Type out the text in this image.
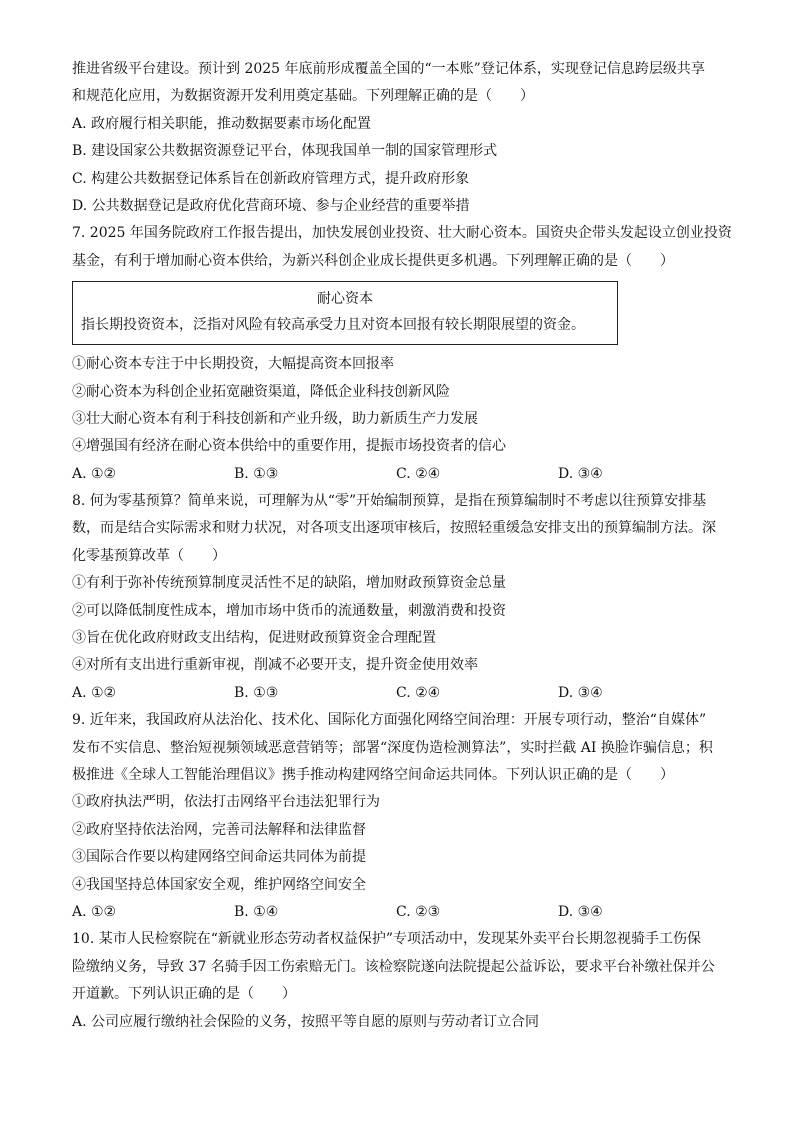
推进省级平台建设。预计到 2025 年底前形成覆盖全国的“一本账”登记体系，实现登记信息跨层级共享
和规范化应用，为数据资源开发利用奠定基础。下列理解正确的是（　　）
A. 政府履行相关职能，推动数据要素市场化配置
B. 建设国家公共数据资源登记平台，体现我国单一制的国家管理形式
C. 构建公共数据登记体系旨在创新政府管理方式，提升政府形象
D. 公共数据登记是政府优化营商环境、参与企业经营的重要举措
7. 2025 年国务院政府工作报告提出，加快发展创业投资、壮大耐心资本。国资央企带头发起设立创业投资
基金，有利于增加耐心资本供给，为新兴科创企业成长提供更多机遇。下列理解正确的是（　　）
耐心资本
指长期投资资本，泛指对风险有较高承受力且对资本回报有较长期限展望的资金。
①耐心资本专注于中长期投资，大幅提高资本回报率
②耐心资本为科创企业拓宽融资渠道，降低企业科技创新风险
③壮大耐心资本有利于科技创新和产业升级，助力新质生产力发展
④增强国有经济在耐心资本供给中的重要作用，提振市场投资者的信心
A. ①②	B. ①③	C. ②④	D. ③④
8. 何为零基预算？简单来说，可理解为从“零”开始编制预算，是指在预算编制时不考虑以往预算安排基
数，而是结合实际需求和财力状况，对各项支出逐项审核后，按照轻重缓急安排支出的预算编制方法。深
化零基预算改革（　　）
①有利于弥补传统预算制度灵活性不足的缺陷，增加财政预算资金总量
②可以降低制度性成本，增加市场中货币的流通数量，刺激消费和投资
③旨在优化政府财政支出结构，促进财政预算资金合理配置
④对所有支出进行重新审视，削减不必要开支，提升资金使用效率
A. ①②	B. ①③	C. ②④	D. ③④
9. 近年来，我国政府从法治化、技术化、国际化方面强化网络空间治理：开展专项行动，整治“自媒体”
发布不实信息、整治短视频领域恶意营销等；部署“深度伪造检测算法”，实时拦截 AI 换脸诈骗信息；积
极推进《全球人工智能治理倡议》携手推动构建网络空间命运共同体。下列认识正确的是（　　）
①政府执法严明，依法打击网络平台违法犯罪行为
②政府坚持依法治网，完善司法解释和法律监督
③国际合作要以构建网络空间命运共同体为前提
④我国坚持总体国家安全观，维护网络空间安全
A. ①②	B. ①④	C. ②③	D. ③④
10. 某市人民检察院在“新就业形态劳动者权益保护”专项活动中，发现某外卖平台长期忽视骑手工伤保
险缴纳义务，导致 37 名骑手因工伤索赔无门。该检察院遂向法院提起公益诉讼，要求平台补缴社保并公
开道歉。下列认识正确的是（　　）
A. 公司应履行缴纳社会保险的义务，按照平等自愿的原则与劳动者订立合同
